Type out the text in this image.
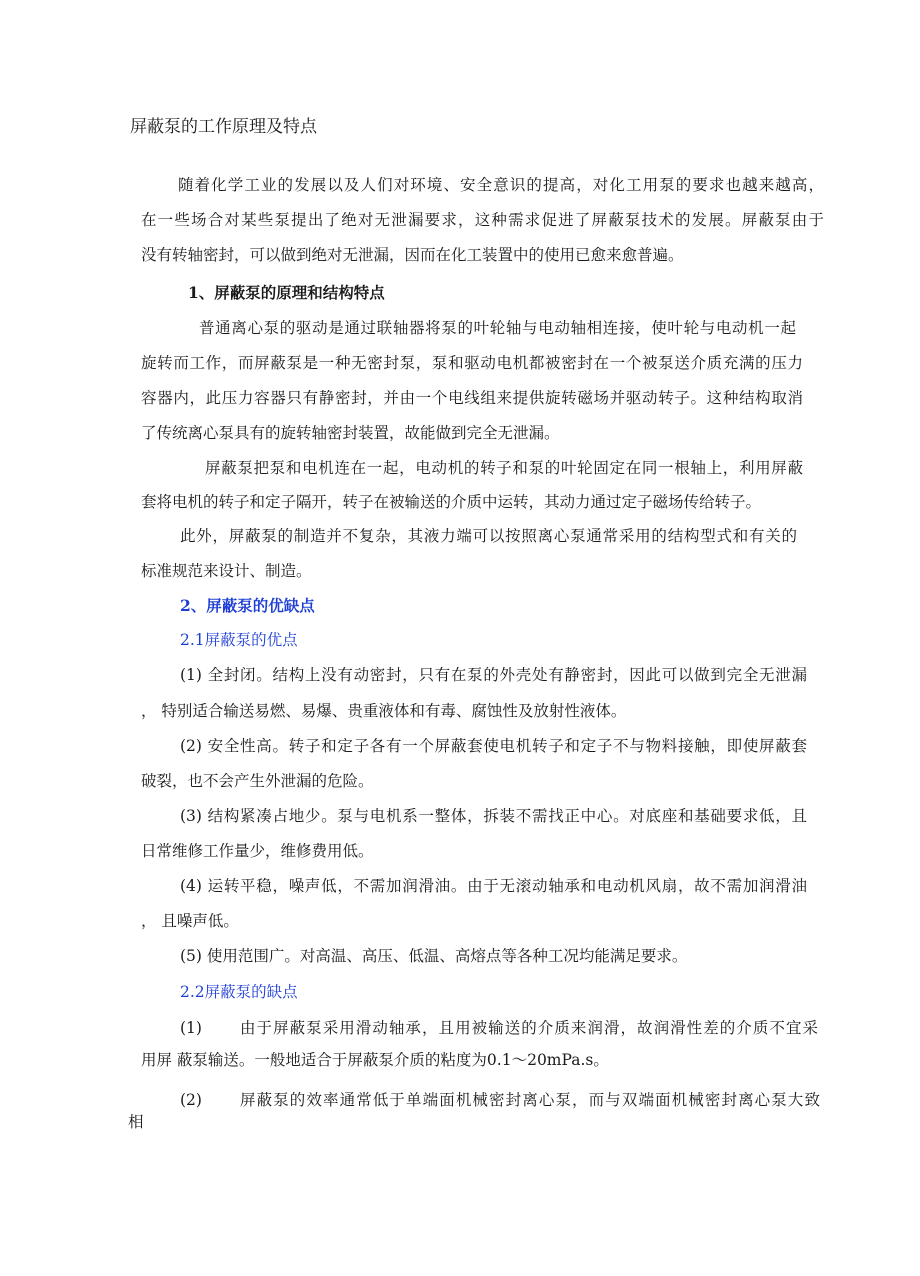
屏蔽泵的工作原理及特点
随着化学工业的发展以及人们对环境、安全意识的提高，对化工用泵的要求也越来越高，
在一些场合对某些泵提出了绝对无泄漏要求，这种需求促进了屏蔽泵技术的发展。屏蔽泵由于
没有转轴密封，可以做到绝对无泄漏，因而在化工装置中的使用已愈来愈普遍。
1、屏蔽泵的原理和结构特点
普通离心泵的驱动是通过联轴器将泵的叶轮轴与电动轴相连接，使叶轮与电动机一起
旋转而工作，而屏蔽泵是一种无密封泵，泵和驱动电机都被密封在一个被泵送介质充满的压力
容器内，此压力容器只有静密封，并由一个电线组来提供旋转磁场并驱动转子。这种结构取消
了传统离心泵具有的旋转轴密封装置，故能做到完全无泄漏。
屏蔽泵把泵和电机连在一起，电动机的转子和泵的叶轮固定在同一根轴上，利用屏蔽
套将电机的转子和定子隔开，转子在被输送的介质中运转，其动力通过定子磁场传给转子。
此外，屏蔽泵的制造并不复杂，其液力端可以按照离心泵通常采用的结构型式和有关的
标准规范来设计、制造。
2、屏蔽泵的优缺点
2.1屏蔽泵的优点
(1) 全封闭。结构上没有动密封，只有在泵的外壳处有静密封，因此可以做到完全无泄漏
， 特别适合输送易燃、易爆、贵重液体和有毒、腐蚀性及放射性液体。
(2) 安全性高。转子和定子各有一个屏蔽套使电机转子和定子不与物料接触，即使屏蔽套
破裂，也不会产生外泄漏的危险。
(3) 结构紧凑占地少。泵与电机系一整体，拆装不需找正中心。对底座和基础要求低，且
日常维修工作量少，维修费用低。
(4) 运转平稳，噪声低，不需加润滑油。由于无滚动轴承和电动机风扇，故不需加润滑油
， 且噪声低。
(5) 使用范围广。对高温、高压、低温、高熔点等各种工况均能满足要求。
2.2屏蔽泵的缺点
(1) 由于屏蔽泵采用滑动轴承，且用被输送的介质来润滑，故润滑性差的介质不宜采
用屏 蔽泵输送。一般地适合于屏蔽泵介质的粘度为0.1～20mPa.s。
(2) 屏蔽泵的效率通常低于单端面机械密封离心泵，而与双端面机械密封离心泵大致
相
